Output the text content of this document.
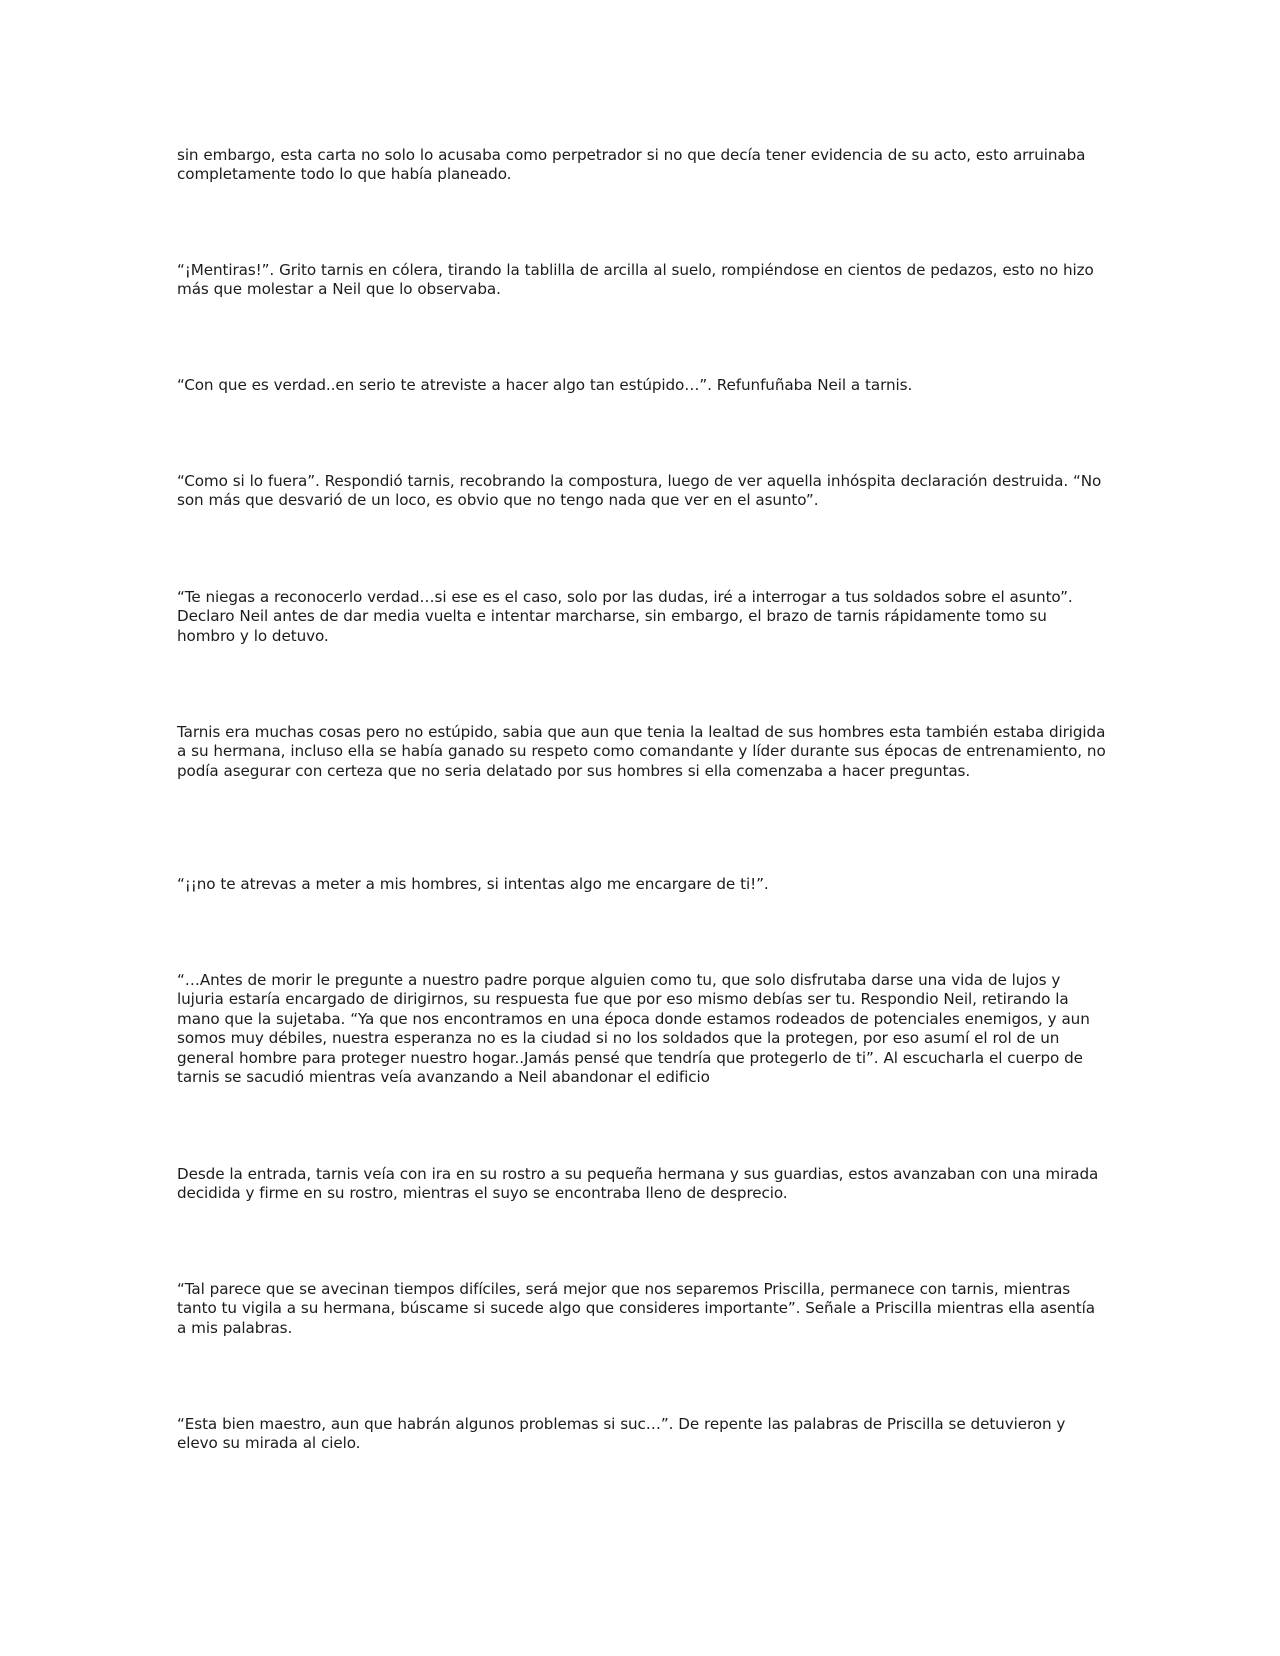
sin embargo, esta carta no solo lo acusaba como perpetrador si no que decía tener evidencia de su acto, esto arruinaba completamente todo lo que había planeado.

“¡Mentiras!”. Grito tarnis en cólera, tirando la tablilla de arcilla al suelo, rompiéndose en cientos de pedazos, esto no hizo más que molestar a Neil que lo observaba.

“Con que es verdad..en serio te atreviste a hacer algo tan estúpido…”. Refunfuñaba Neil a tarnis.

“Como si lo fuera”. Respondió tarnis, recobrando la compostura, luego de ver aquella inhóspita declaración destruida. “No son más que desvarió de un loco, es obvio que no tengo nada que ver en el asunto”.

“Te niegas a reconocerlo verdad…si ese es el caso, solo por las dudas, iré a interrogar a tus soldados sobre el asunto”. Declaro Neil antes de dar media vuelta e intentar marcharse, sin embargo, el brazo de tarnis rápidamente tomo su hombro y lo detuvo.

Tarnis era muchas cosas pero no estúpido, sabia que aun que tenia la lealtad de sus hombres esta también estaba dirigida a su hermana, incluso ella se había ganado su respeto como comandante y líder durante sus épocas de entrenamiento, no podía asegurar con certeza que no seria delatado por sus hombres si ella comenzaba a hacer preguntas.

“¡¡no te atrevas a meter a mis hombres, si intentas algo me encargare de ti!”.

“…Antes de morir le pregunte a nuestro padre porque alguien como tu, que solo disfrutaba darse una vida de lujos y lujuria estaría encargado de dirigirnos, su respuesta fue que por eso mismo debías ser tu. Respondio Neil, retirando la mano que la sujetaba. “Ya que nos encontramos en una época donde estamos rodeados de potenciales enemigos, y aun somos muy débiles, nuestra esperanza no es la ciudad si no los soldados que la protegen, por eso asumí el rol de un general hombre para proteger nuestro hogar..Jamás pensé que tendría que protegerlo de ti”. Al escucharla el cuerpo de tarnis se sacudió mientras veía avanzando a Neil abandonar el edificio

Desde la entrada, tarnis veía con ira en su rostro a su pequeña hermana y sus guardias, estos avanzaban con una mirada decidida y firme en su rostro, mientras el suyo se encontraba lleno de desprecio.

“Tal parece que se avecinan tiempos difíciles, será mejor que nos separemos Priscilla, permanece con tarnis, mientras tanto tu vigila a su hermana, búscame si sucede algo que consideres importante”. Señale a Priscilla mientras ella asentía a mis palabras.

“Esta bien maestro, aun que habrán algunos problemas si suc…”. De repente las palabras de Priscilla se detuvieron y elevo su mirada al cielo.
